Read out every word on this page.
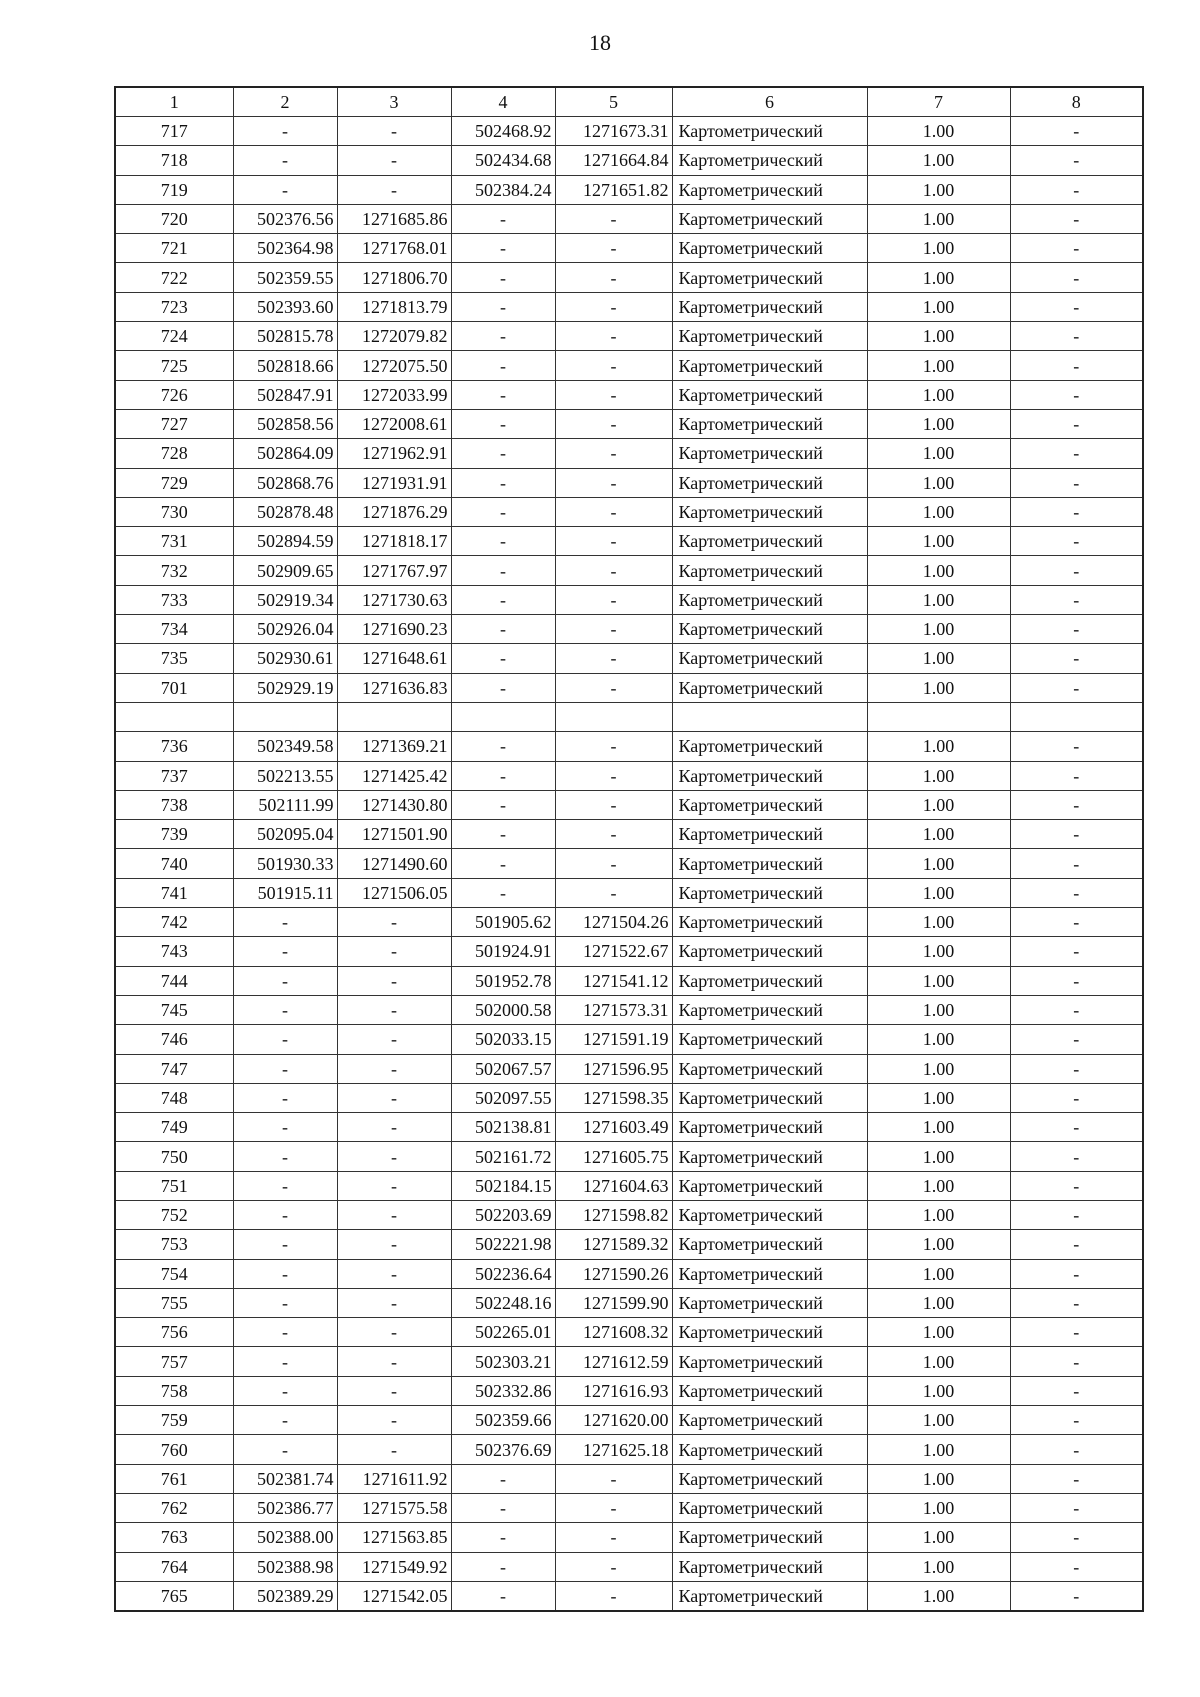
18
1	2	3	4	5	6	7	8
717	-	-	502468.92	1271673.31	Картометрический	1.00	-
718	-	-	502434.68	1271664.84	Картометрический	1.00	-
719	-	-	502384.24	1271651.82	Картометрический	1.00	-
720	502376.56	1271685.86	-	-	Картометрический	1.00	-
721	502364.98	1271768.01	-	-	Картометрический	1.00	-
722	502359.55	1271806.70	-	-	Картометрический	1.00	-
723	502393.60	1271813.79	-	-	Картометрический	1.00	-
724	502815.78	1272079.82	-	-	Картометрический	1.00	-
725	502818.66	1272075.50	-	-	Картометрический	1.00	-
726	502847.91	1272033.99	-	-	Картометрический	1.00	-
727	502858.56	1272008.61	-	-	Картометрический	1.00	-
728	502864.09	1271962.91	-	-	Картометрический	1.00	-
729	502868.76	1271931.91	-	-	Картометрический	1.00	-
730	502878.48	1271876.29	-	-	Картометрический	1.00	-
731	502894.59	1271818.17	-	-	Картометрический	1.00	-
732	502909.65	1271767.97	-	-	Картометрический	1.00	-
733	502919.34	1271730.63	-	-	Картометрический	1.00	-
734	502926.04	1271690.23	-	-	Картометрический	1.00	-
735	502930.61	1271648.61	-	-	Картометрический	1.00	-
701	502929.19	1271636.83	-	-	Картометрический	1.00	-

736	502349.58	1271369.21	-	-	Картометрический	1.00	-
737	502213.55	1271425.42	-	-	Картометрический	1.00	-
738	502111.99	1271430.80	-	-	Картометрический	1.00	-
739	502095.04	1271501.90	-	-	Картометрический	1.00	-
740	501930.33	1271490.60	-	-	Картометрический	1.00	-
741	501915.11	1271506.05	-	-	Картометрический	1.00	-
742	-	-	501905.62	1271504.26	Картометрический	1.00	-
743	-	-	501924.91	1271522.67	Картометрический	1.00	-
744	-	-	501952.78	1271541.12	Картометрический	1.00	-
745	-	-	502000.58	1271573.31	Картометрический	1.00	-
746	-	-	502033.15	1271591.19	Картометрический	1.00	-
747	-	-	502067.57	1271596.95	Картометрический	1.00	-
748	-	-	502097.55	1271598.35	Картометрический	1.00	-
749	-	-	502138.81	1271603.49	Картометрический	1.00	-
750	-	-	502161.72	1271605.75	Картометрический	1.00	-
751	-	-	502184.15	1271604.63	Картометрический	1.00	-
752	-	-	502203.69	1271598.82	Картометрический	1.00	-
753	-	-	502221.98	1271589.32	Картометрический	1.00	-
754	-	-	502236.64	1271590.26	Картометрический	1.00	-
755	-	-	502248.16	1271599.90	Картометрический	1.00	-
756	-	-	502265.01	1271608.32	Картометрический	1.00	-
757	-	-	502303.21	1271612.59	Картометрический	1.00	-
758	-	-	502332.86	1271616.93	Картометрический	1.00	-
759	-	-	502359.66	1271620.00	Картометрический	1.00	-
760	-	-	502376.69	1271625.18	Картометрический	1.00	-
761	502381.74	1271611.92	-	-	Картометрический	1.00	-
762	502386.77	1271575.58	-	-	Картометрический	1.00	-
763	502388.00	1271563.85	-	-	Картометрический	1.00	-
764	502388.98	1271549.92	-	-	Картометрический	1.00	-
765	502389.29	1271542.05	-	-	Картометрический	1.00	-
